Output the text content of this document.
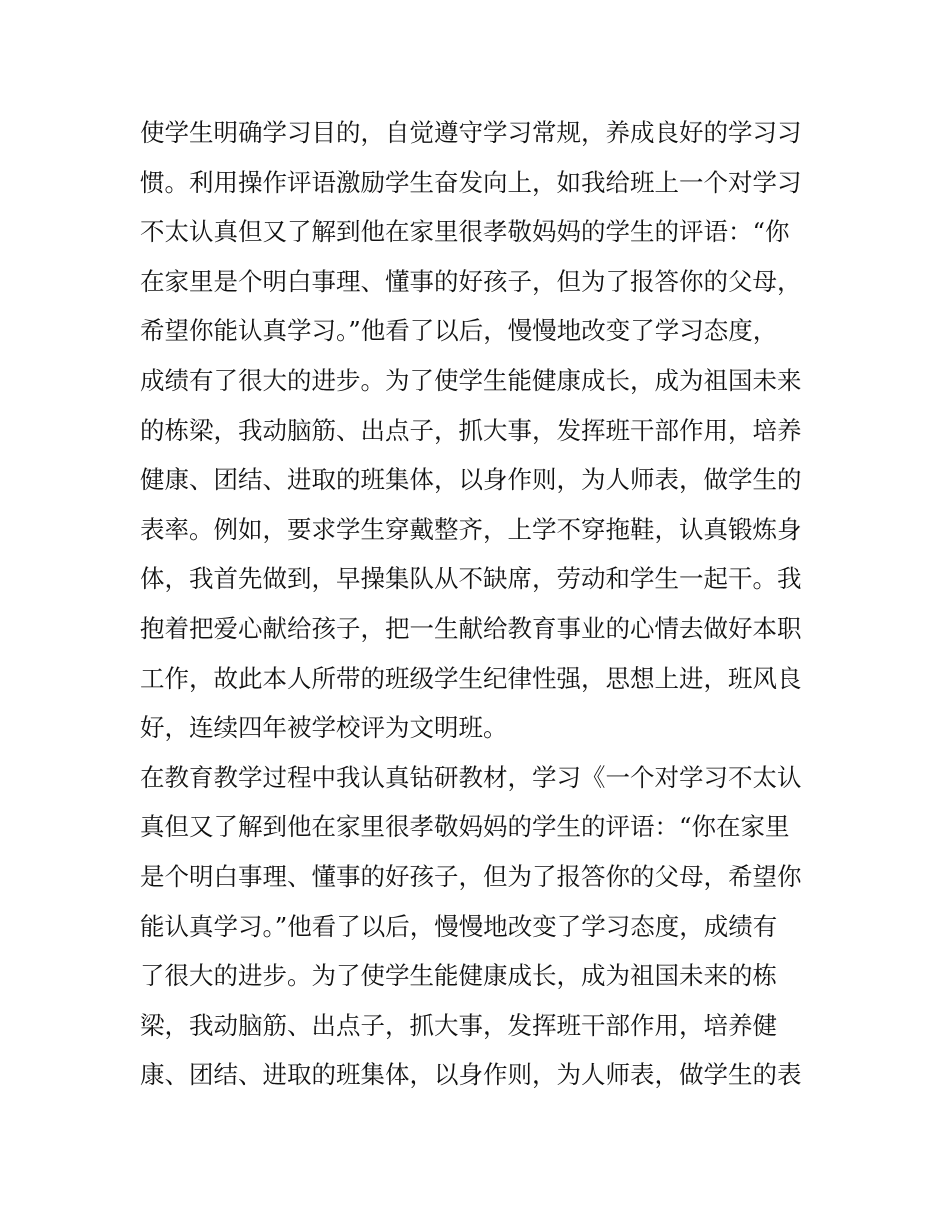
使学生明确学习目的，自觉遵守学习常规，养成良好的学习习
惯。利用操作评语激励学生奋发向上，如我给班上一个对学习
不太认真但又了解到他在家里很孝敬妈妈的学生的评语：“你
在家里是个明白事理、懂事的好孩子，但为了报答你的父母，
希望你能认真学习。”他看了以后，慢慢地改变了学习态度，
成绩有了很大的进步。为了使学生能健康成长，成为祖国未来
的栋梁，我动脑筋、出点子，抓大事，发挥班干部作用，培养
健康、团结、进取的班集体，以身作则，为人师表，做学生的
表率。例如，要求学生穿戴整齐，上学不穿拖鞋，认真锻炼身
体，我首先做到，早操集队从不缺席，劳动和学生一起干。我
抱着把爱心献给孩子，把一生献给教育事业的心情去做好本职
工作，故此本人所带的班级学生纪律性强，思想上进，班风良
好，连续四年被学校评为文明班。
在教育教学过程中我认真钻研教材，学习《一个对学习不太认
真但又了解到他在家里很孝敬妈妈的学生的评语：“你在家里
是个明白事理、懂事的好孩子，但为了报答你的父母，希望你
能认真学习。”他看了以后，慢慢地改变了学习态度，成绩有
了很大的进步。为了使学生能健康成长，成为祖国未来的栋
梁，我动脑筋、出点子，抓大事，发挥班干部作用，培养健
康、团结、进取的班集体，以身作则，为人师表，做学生的表
